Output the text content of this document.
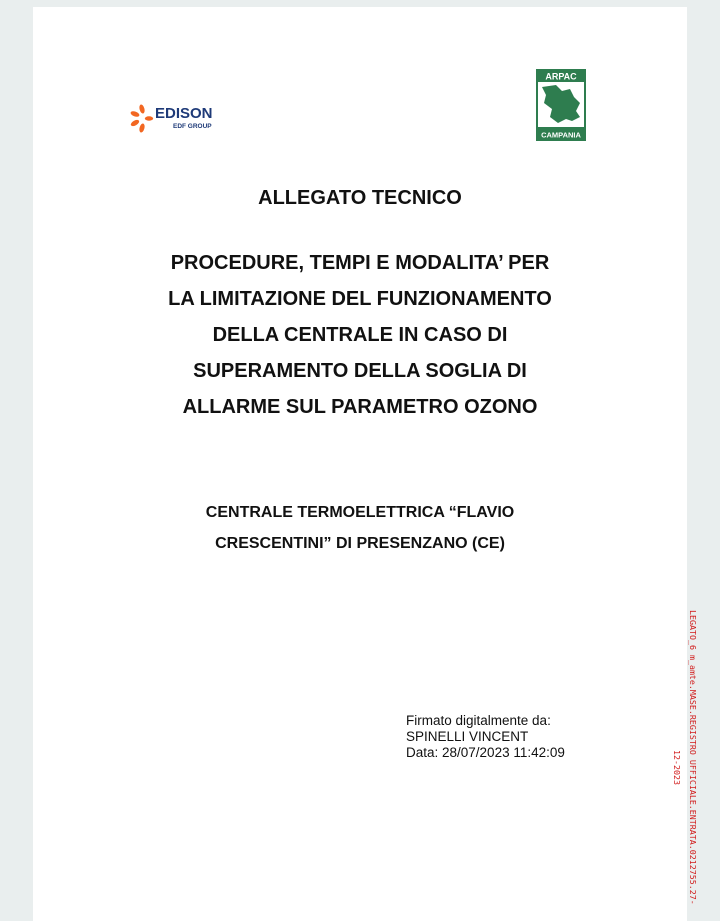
EDISON
EDF GROUP
ARPAC
CAMPANIA
ALLEGATO TECNICO
PROCEDURE, TEMPI E MODALITA’ PER
LA LIMITAZIONE DEL FUNZIONAMENTO
DELLA CENTRALE IN CASO DI
SUPERAMENTO DELLA SOGLIA DI
ALLARME SUL PARAMETRO OZONO
CENTRALE TERMOELETTRICA “FLAVIO
CRESCENTINI” DI PRESENZANO (CE)
Firmato digitalmente da:
SPINELLI VINCENT
Data: 28/07/2023 11:42:09	LEGATO_6 m_amte.MASE.REGISTRO UFFICIALE.ENTRATA.0212755.27-
12-2023
